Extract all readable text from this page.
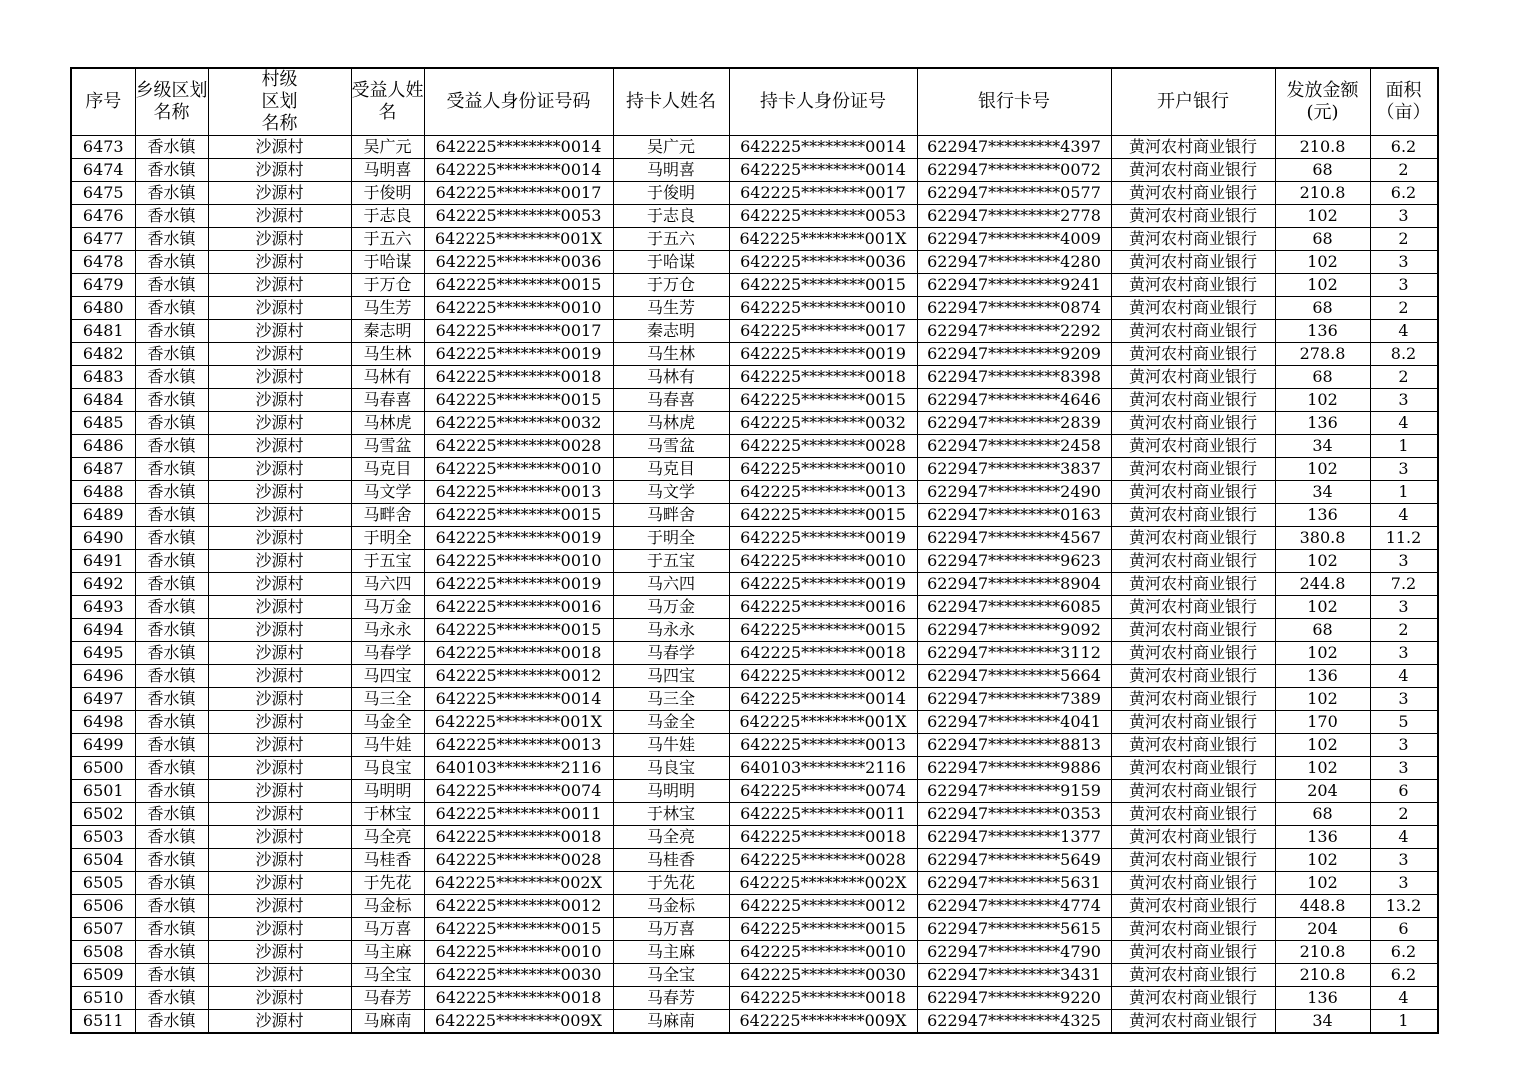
序号	乡级区划名称	村级区划名称	受益人姓名	受益人身份证号码	持卡人姓名	持卡人身份证号	银行卡号	开户银行	发放金额(元)	面积（亩）
6473	香水镇	沙源村	吴广元	642225********0014	吴广元	642225********0014	622947*********4397	黄河农村商业银行	210.8	6.2
6474	香水镇	沙源村	马明喜	642225********0014	马明喜	642225********0014	622947*********0072	黄河农村商业银行	68	2
6475	香水镇	沙源村	于俊明	642225********0017	于俊明	642225********0017	622947*********0577	黄河农村商业银行	210.8	6.2
6476	香水镇	沙源村	于志良	642225********0053	于志良	642225********0053	622947*********2778	黄河农村商业银行	102	3
6477	香水镇	沙源村	于五六	642225********001X	于五六	642225********001X	622947*********4009	黄河农村商业银行	68	2
6478	香水镇	沙源村	于哈谋	642225********0036	于哈谋	642225********0036	622947*********4280	黄河农村商业银行	102	3
6479	香水镇	沙源村	于万仓	642225********0015	于万仓	642225********0015	622947*********9241	黄河农村商业银行	102	3
6480	香水镇	沙源村	马生芳	642225********0010	马生芳	642225********0010	622947*********0874	黄河农村商业银行	68	2
6481	香水镇	沙源村	秦志明	642225********0017	秦志明	642225********0017	622947*********2292	黄河农村商业银行	136	4
6482	香水镇	沙源村	马生林	642225********0019	马生林	642225********0019	622947*********9209	黄河农村商业银行	278.8	8.2
6483	香水镇	沙源村	马林有	642225********0018	马林有	642225********0018	622947*********8398	黄河农村商业银行	68	2
6484	香水镇	沙源村	马春喜	642225********0015	马春喜	642225********0015	622947*********4646	黄河农村商业银行	102	3
6485	香水镇	沙源村	马林虎	642225********0032	马林虎	642225********0032	622947*********2839	黄河农村商业银行	136	4
6486	香水镇	沙源村	马雪盆	642225********0028	马雪盆	642225********0028	622947*********2458	黄河农村商业银行	34	1
6487	香水镇	沙源村	马克目	642225********0010	马克目	642225********0010	622947*********3837	黄河农村商业银行	102	3
6488	香水镇	沙源村	马文学	642225********0013	马文学	642225********0013	622947*********2490	黄河农村商业银行	34	1
6489	香水镇	沙源村	马畔舍	642225********0015	马畔舍	642225********0015	622947*********0163	黄河农村商业银行	136	4
6490	香水镇	沙源村	于明全	642225********0019	于明全	642225********0019	622947*********4567	黄河农村商业银行	380.8	11.2
6491	香水镇	沙源村	于五宝	642225********0010	于五宝	642225********0010	622947*********9623	黄河农村商业银行	102	3
6492	香水镇	沙源村	马六四	642225********0019	马六四	642225********0019	622947*********8904	黄河农村商业银行	244.8	7.2
6493	香水镇	沙源村	马万金	642225********0016	马万金	642225********0016	622947*********6085	黄河农村商业银行	102	3
6494	香水镇	沙源村	马永永	642225********0015	马永永	642225********0015	622947*********9092	黄河农村商业银行	68	2
6495	香水镇	沙源村	马春学	642225********0018	马春学	642225********0018	622947*********3112	黄河农村商业银行	102	3
6496	香水镇	沙源村	马四宝	642225********0012	马四宝	642225********0012	622947*********5664	黄河农村商业银行	136	4
6497	香水镇	沙源村	马三全	642225********0014	马三全	642225********0014	622947*********7389	黄河农村商业银行	102	3
6498	香水镇	沙源村	马金全	642225********001X	马金全	642225********001X	622947*********4041	黄河农村商业银行	170	5
6499	香水镇	沙源村	马牛娃	642225********0013	马牛娃	642225********0013	622947*********8813	黄河农村商业银行	102	3
6500	香水镇	沙源村	马良宝	640103********2116	马良宝	640103********2116	622947*********9886	黄河农村商业银行	102	3
6501	香水镇	沙源村	马明明	642225********0074	马明明	642225********0074	622947*********9159	黄河农村商业银行	204	6
6502	香水镇	沙源村	于林宝	642225********0011	于林宝	642225********0011	622947*********0353	黄河农村商业银行	68	2
6503	香水镇	沙源村	马全亮	642225********0018	马全亮	642225********0018	622947*********1377	黄河农村商业银行	136	4
6504	香水镇	沙源村	马桂香	642225********0028	马桂香	642225********0028	622947*********5649	黄河农村商业银行	102	3
6505	香水镇	沙源村	于先花	642225********002X	于先花	642225********002X	622947*********5631	黄河农村商业银行	102	3
6506	香水镇	沙源村	马金标	642225********0012	马金标	642225********0012	622947*********4774	黄河农村商业银行	448.8	13.2
6507	香水镇	沙源村	马万喜	642225********0015	马万喜	642225********0015	622947*********5615	黄河农村商业银行	204	6
6508	香水镇	沙源村	马主麻	642225********0010	马主麻	642225********0010	622947*********4790	黄河农村商业银行	210.8	6.2
6509	香水镇	沙源村	马全宝	642225********0030	马全宝	642225********0030	622947*********3431	黄河农村商业银行	210.8	6.2
6510	香水镇	沙源村	马春芳	642225********0018	马春芳	642225********0018	622947*********9220	黄河农村商业银行	136	4
6511	香水镇	沙源村	马麻南	642225********009X	马麻南	642225********009X	622947*********4325	黄河农村商业银行	34	1
